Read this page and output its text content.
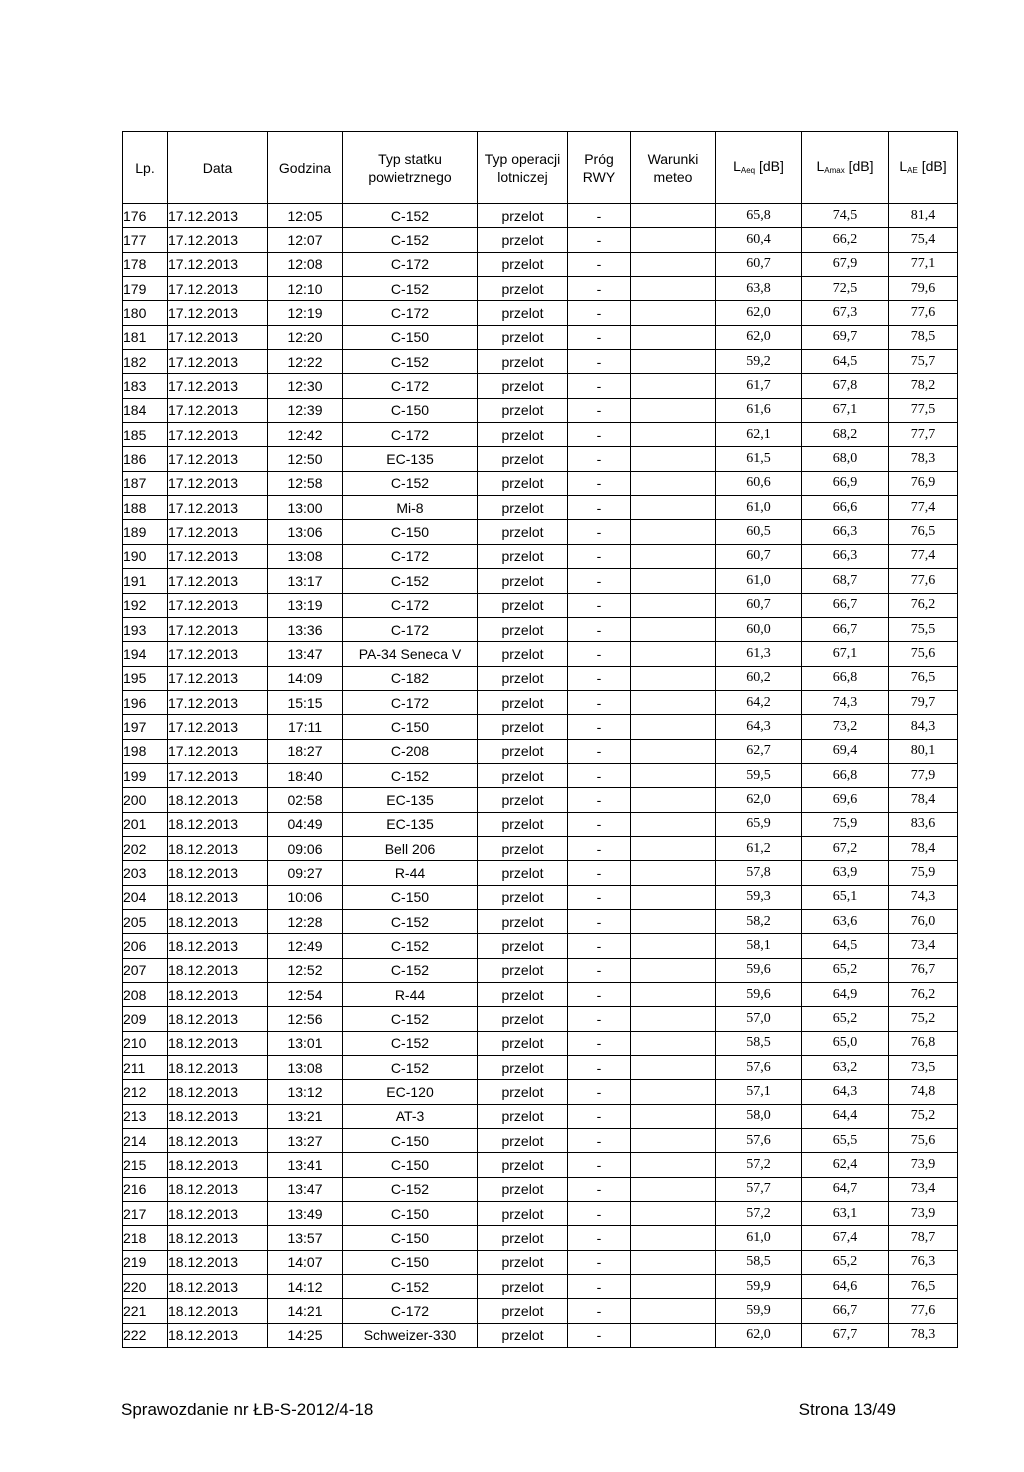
Lp.	Data	Godzina	Typ statku powietrznego	Typ operacji lotniczej	Próg RWY	Warunki meteo	$L_{Aeq}$ [dB]	$L_{Amax}$ [dB]	$L_{AE}$ [dB]
176	17.12.2013	12:05	C-152	przelot	-		65,8	74,5	81,4
177	17.12.2013	12:07	C-152	przelot	-		60,4	66,2	75,4
178	17.12.2013	12:08	C-172	przelot	-		60,7	67,9	77,1
179	17.12.2013	12:10	C-152	przelot	-		63,8	72,5	79,6
180	17.12.2013	12:19	C-172	przelot	-		62,0	67,3	77,6
181	17.12.2013	12:20	C-150	przelot	-		62,0	69,7	78,5
182	17.12.2013	12:22	C-152	przelot	-		59,2	64,5	75,7
183	17.12.2013	12:30	C-172	przelot	-		61,7	67,8	78,2
184	17.12.2013	12:39	C-150	przelot	-		61,6	67,1	77,5
185	17.12.2013	12:42	C-172	przelot	-		62,1	68,2	77,7
186	17.12.2013	12:50	EC-135	przelot	-		61,5	68,0	78,3
187	17.12.2013	12:58	C-152	przelot	-		60,6	66,9	76,9
188	17.12.2013	13:00	Mi-8	przelot	-		61,0	66,6	77,4
189	17.12.2013	13:06	C-150	przelot	-		60,5	66,3	76,5
190	17.12.2013	13:08	C-172	przelot	-		60,7	66,3	77,4
191	17.12.2013	13:17	C-152	przelot	-		61,0	68,7	77,6
192	17.12.2013	13:19	C-172	przelot	-		60,7	66,7	76,2
193	17.12.2013	13:36	C-172	przelot	-		60,0	66,7	75,5
194	17.12.2013	13:47	PA-34 Seneca V	przelot	-		61,3	67,1	75,6
195	17.12.2013	14:09	C-182	przelot	-		60,2	66,8	76,5
196	17.12.2013	15:15	C-172	przelot	-		64,2	74,3	79,7
197	17.12.2013	17:11	C-150	przelot	-		64,3	73,2	84,3
198	17.12.2013	18:27	C-208	przelot	-		62,7	69,4	80,1
199	17.12.2013	18:40	C-152	przelot	-		59,5	66,8	77,9
200	18.12.2013	02:58	EC-135	przelot	-		62,0	69,6	78,4
201	18.12.2013	04:49	EC-135	przelot	-		65,9	75,9	83,6
202	18.12.2013	09:06	Bell 206	przelot	-		61,2	67,2	78,4
203	18.12.2013	09:27	R-44	przelot	-		57,8	63,9	75,9
204	18.12.2013	10:06	C-150	przelot	-		59,3	65,1	74,3
205	18.12.2013	12:28	C-152	przelot	-		58,2	63,6	76,0
206	18.12.2013	12:49	C-152	przelot	-		58,1	64,5	73,4
207	18.12.2013	12:52	C-152	przelot	-		59,6	65,2	76,7
208	18.12.2013	12:54	R-44	przelot	-		59,6	64,9	76,2
209	18.12.2013	12:56	C-152	przelot	-		57,0	65,2	75,2
210	18.12.2013	13:01	C-152	przelot	-		58,5	65,0	76,8
211	18.12.2013	13:08	C-152	przelot	-		57,6	63,2	73,5
212	18.12.2013	13:12	EC-120	przelot	-		57,1	64,3	74,8
213	18.12.2013	13:21	AT-3	przelot	-		58,0	64,4	75,2
214	18.12.2013	13:27	C-150	przelot	-		57,6	65,5	75,6
215	18.12.2013	13:41	C-150	przelot	-		57,2	62,4	73,9
216	18.12.2013	13:47	C-152	przelot	-		57,7	64,7	73,4
217	18.12.2013	13:49	C-150	przelot	-		57,2	63,1	73,9
218	18.12.2013	13:57	C-150	przelot	-		61,0	67,4	78,7
219	18.12.2013	14:07	C-150	przelot	-		58,5	65,2	76,3
220	18.12.2013	14:12	C-152	przelot	-		59,9	64,6	76,5
221	18.12.2013	14:21	C-172	przelot	-		59,9	66,7	77,6
222	18.12.2013	14:25	Schweizer-330	przelot	-		62,0	67,7	78,3
Sprawozdanie nr ŁB-S-2012/4-18	Strona 13/49
